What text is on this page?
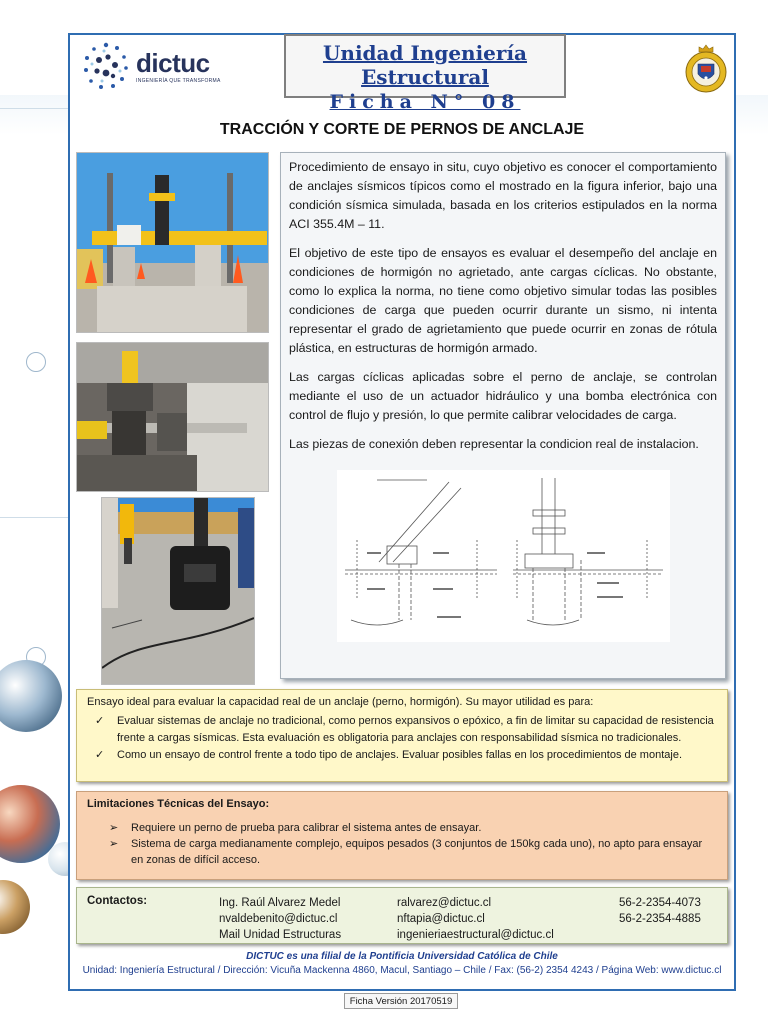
dictuc
INGENIERÍA QUE TRANSFORMA
Unidad Ingeniería Estructural
Ficha N° 08
TRACCIÓN Y CORTE DE PERNOS DE ANCLAJE

Procedimiento de ensayo in situ, cuyo objetivo es conocer el comportamiento de anclajes sísmicos típicos como el mostrado en la figura inferior, bajo una condición sísmica simulada, basada en los criterios estipulados en la norma ACI 355.4M – 11.

El objetivo de este tipo de ensayos es evaluar el desempeño del anclaje en condiciones de hormigón no agrietado, ante cargas cíclicas. No obstante, como lo explica la norma, no tiene como objetivo simular todas las posibles condiciones de carga que pueden ocurrir durante un sismo, ni intenta representar el grado de agrietamiento que puede ocurrir en zonas de rótula plástica, en estructuras de hormigón armado.

Las cargas cíclicas aplicadas sobre el perno de anclaje, se controlan mediante el uso de un actuador hidráulico y una bomba electrónica con control de flujo y presión, lo que permite calibrar velocidades de carga.

Las piezas de conexión deben representar la condicion real de instalacion.

Ensayo ideal para evaluar la capacidad real de un anclaje (perno, hormigón). Su mayor utilidad es para:

✓ Evaluar sistemas de anclaje no tradicional, como pernos expansivos o epóxico, a fin de limitar su capacidad de resistencia frente a cargas sísmicas. Esta evaluación es obligatoria para anclajes con responsabilidad sísmica no tradicionales.
✓ Como un ensayo de control frente a todo tipo de anclajes. Evaluar posibles fallas en los procedimientos de montaje.
Limitaciones Técnicas del Ensayo:
➢ Requiere un perno de prueba para calibrar el sistema antes de ensayar.
➢ Sistema de carga medianamente complejo, equipos pesados (3 conjuntos de 150kg cada uno), no apto para ensayar en zonas de difícil acceso.
Contactos:	Ing. Raúl Alvarez Medel
nvaldebenito@dictuc.cl
Mail Unidad Estructuras
ralvarez@dictuc.cl
nftapia@dictuc.cl
ingenieriaestructural@dictuc.cl
56-2-2354-4073
56-2-2354-4885
DICTUC es una filial de la Pontificia Universidad Católica de Chile
Unidad: Ingeniería Estructural / Dirección: Vicuña Mackenna 4860, Macul, Santiago – Chile / Fax: (56-2) 2354 4243 / Página Web: www.dictuc.cl
Ficha Versión 20170519
